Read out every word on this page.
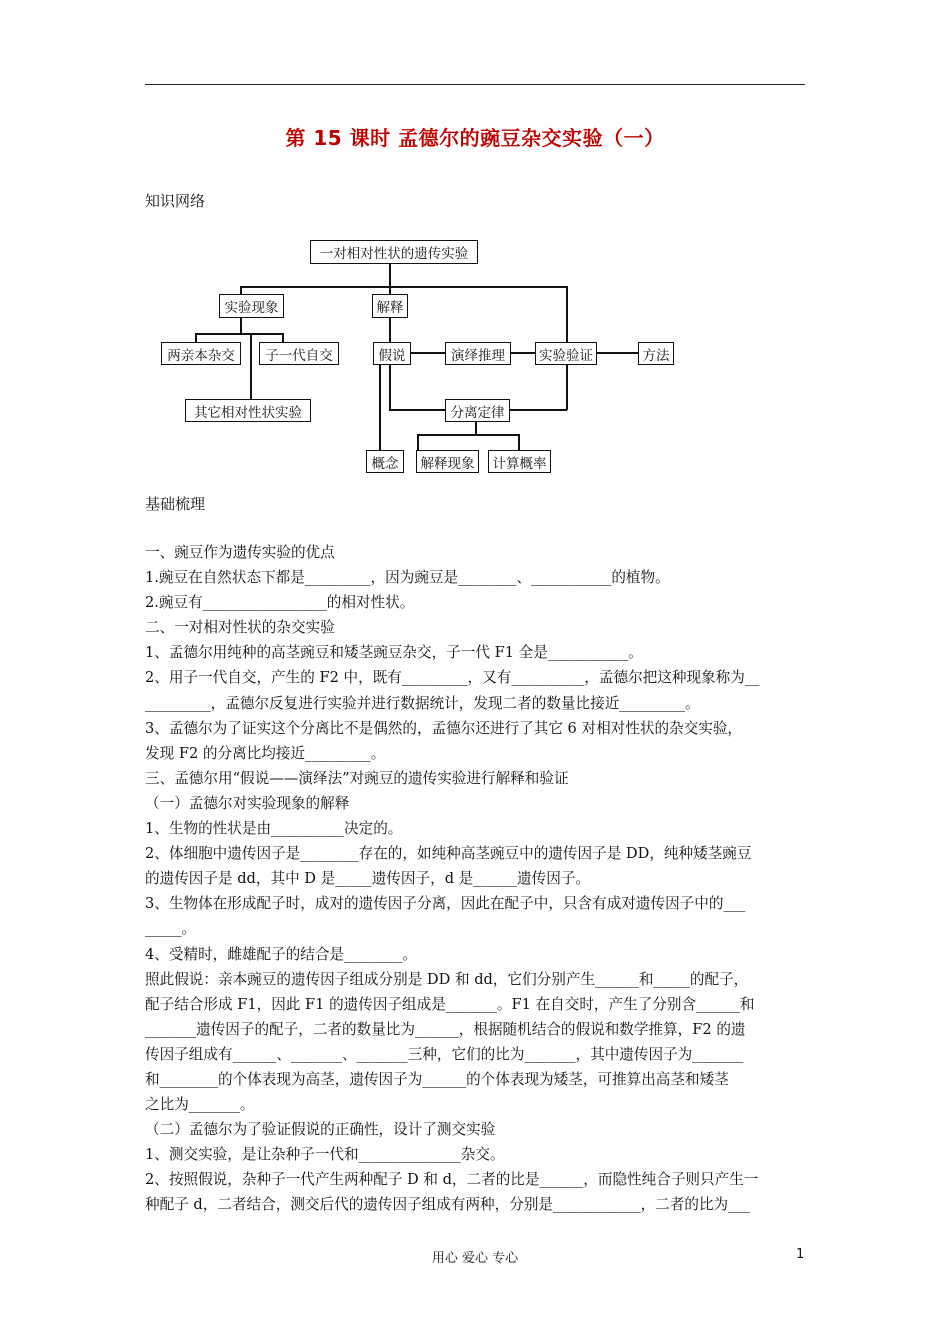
第 15 课时 孟德尔的豌豆杂交实验（一）
知识网络
一对相对性状的遗传实验
实验现象	解释
两亲本杂交	子一代自交
其它相对性状实验
假说	演绎推理	实验验证	方法
分离定律
概念	解释现象	计算概率
基础梳理
一、豌豆作为遗传实验的优点
1.豌豆在自然状态下都是_________，因为豌豆是________、___________的植物。
2.豌豆有_________________的相对性状。
二、一对相对性状的杂交实验
1、孟德尔用纯种的高茎豌豆和矮茎豌豆杂交，子一代 F1 全是___________。
2、用子一代自交，产生的 F2 中，既有_________，又有__________，孟德尔把这种现象称为__
_________，孟德尔反复进行实验并进行数据统计，发现二者的数量比接近_________。
3、孟德尔为了证实这个分离比不是偶然的，孟德尔还进行了其它 6 对相对性状的杂交实验，
发现 F2 的分离比均接近_________。
三、孟德尔用“假说——演绎法”对豌豆的遗传实验进行解释和验证
（一）孟德尔对实验现象的解释
1、生物的性状是由__________决定的。
2、体细胞中遗传因子是________存在的，如纯种高茎豌豆中的遗传因子是 DD，纯种矮茎豌豆
的遗传因子是 dd，其中 D 是_____遗传因子，d 是______遗传因子。
3、生物体在形成配子时，成对的遗传因子分离，因此在配子中，只含有成对遗传因子中的___
_____。
4、受精时，雌雄配子的结合是________。
照此假说：亲本豌豆的遗传因子组成分别是 DD 和 dd，它们分别产生______和_____的配子，
配子结合形成 F1，因此 F1 的遗传因子组成是_______。F1 在自交时，产生了分别含______和
_______遗传因子的配子，二者的数量比为______，根据随机结合的假说和数学推算，F2 的遗
传因子组成有______、_______、_______三种，它们的比为_______，其中遗传因子为_______
和________的个体表现为高茎，遗传因子为______的个体表现为矮茎，可推算出高茎和矮茎
之比为_______。
（二）孟德尔为了验证假说的正确性，设计了测交实验
1、测交实验，是让杂种子一代和______________杂交。
2、按照假说，杂种子一代产生两种配子 D 和 d，二者的比是______，而隐性纯合子则只产生一
种配子 d，二者结合，测交后代的遗传因子组成有两种，分别是____________，二者的比为___
用心 爱心 专心	1
